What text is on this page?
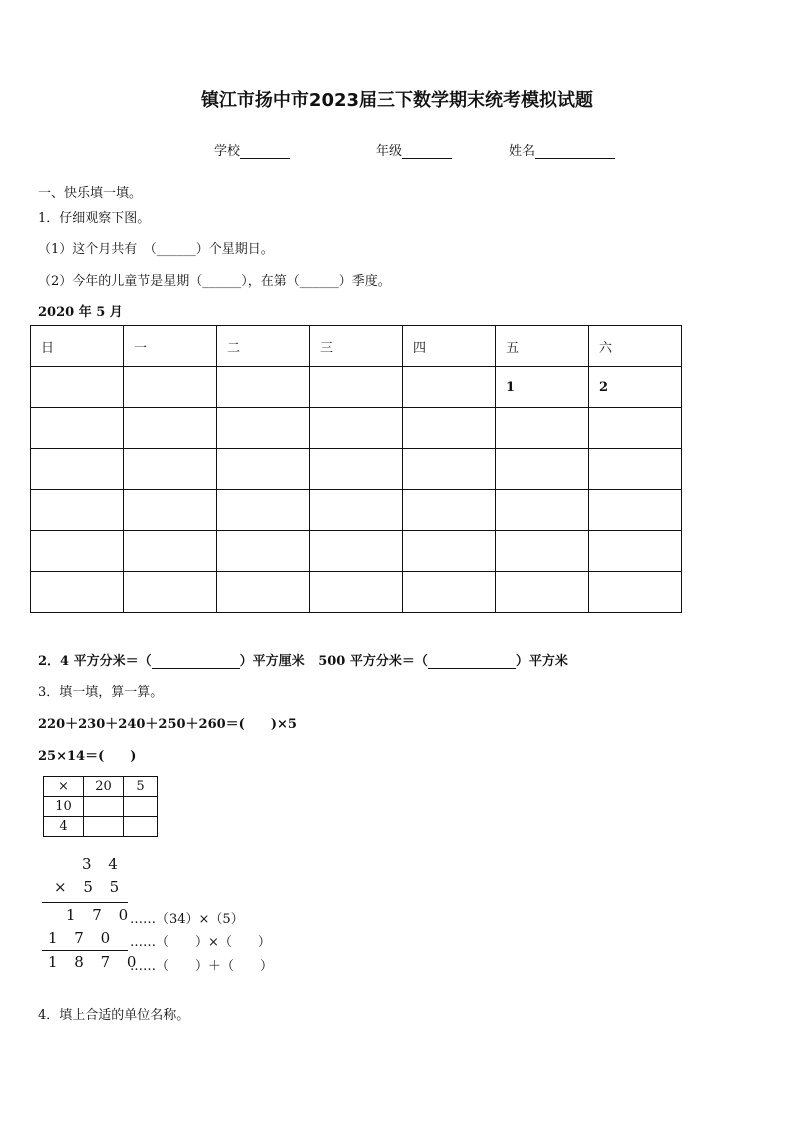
镇江市扬中市2023届三下数学期末统考模拟试题
学校	年级	姓名
一、快乐填一填。
1．仔细观察下图。
（1）这个月共有　（______）个星期日。
（2）今年的儿童节是星期（______），在第（______）季度。
2020 年 5 月
日	一	二	三	四	五	六
					1	2

2．4 平方分米＝（	）平方厘米 500 平方分米＝（	）平方米
3．填一填，算一算。
220＋230＋240＋250＋260＝(　　)×5
25×14＝(　　)
×	20	5
10		
4		
3 4
× 5 5
1 7 0
……（34）×（5）
1 7 0 ……（　　）×（　　）
1 8 7 0
……（　　）＋（　　）
4．填上合适的单位名称。
